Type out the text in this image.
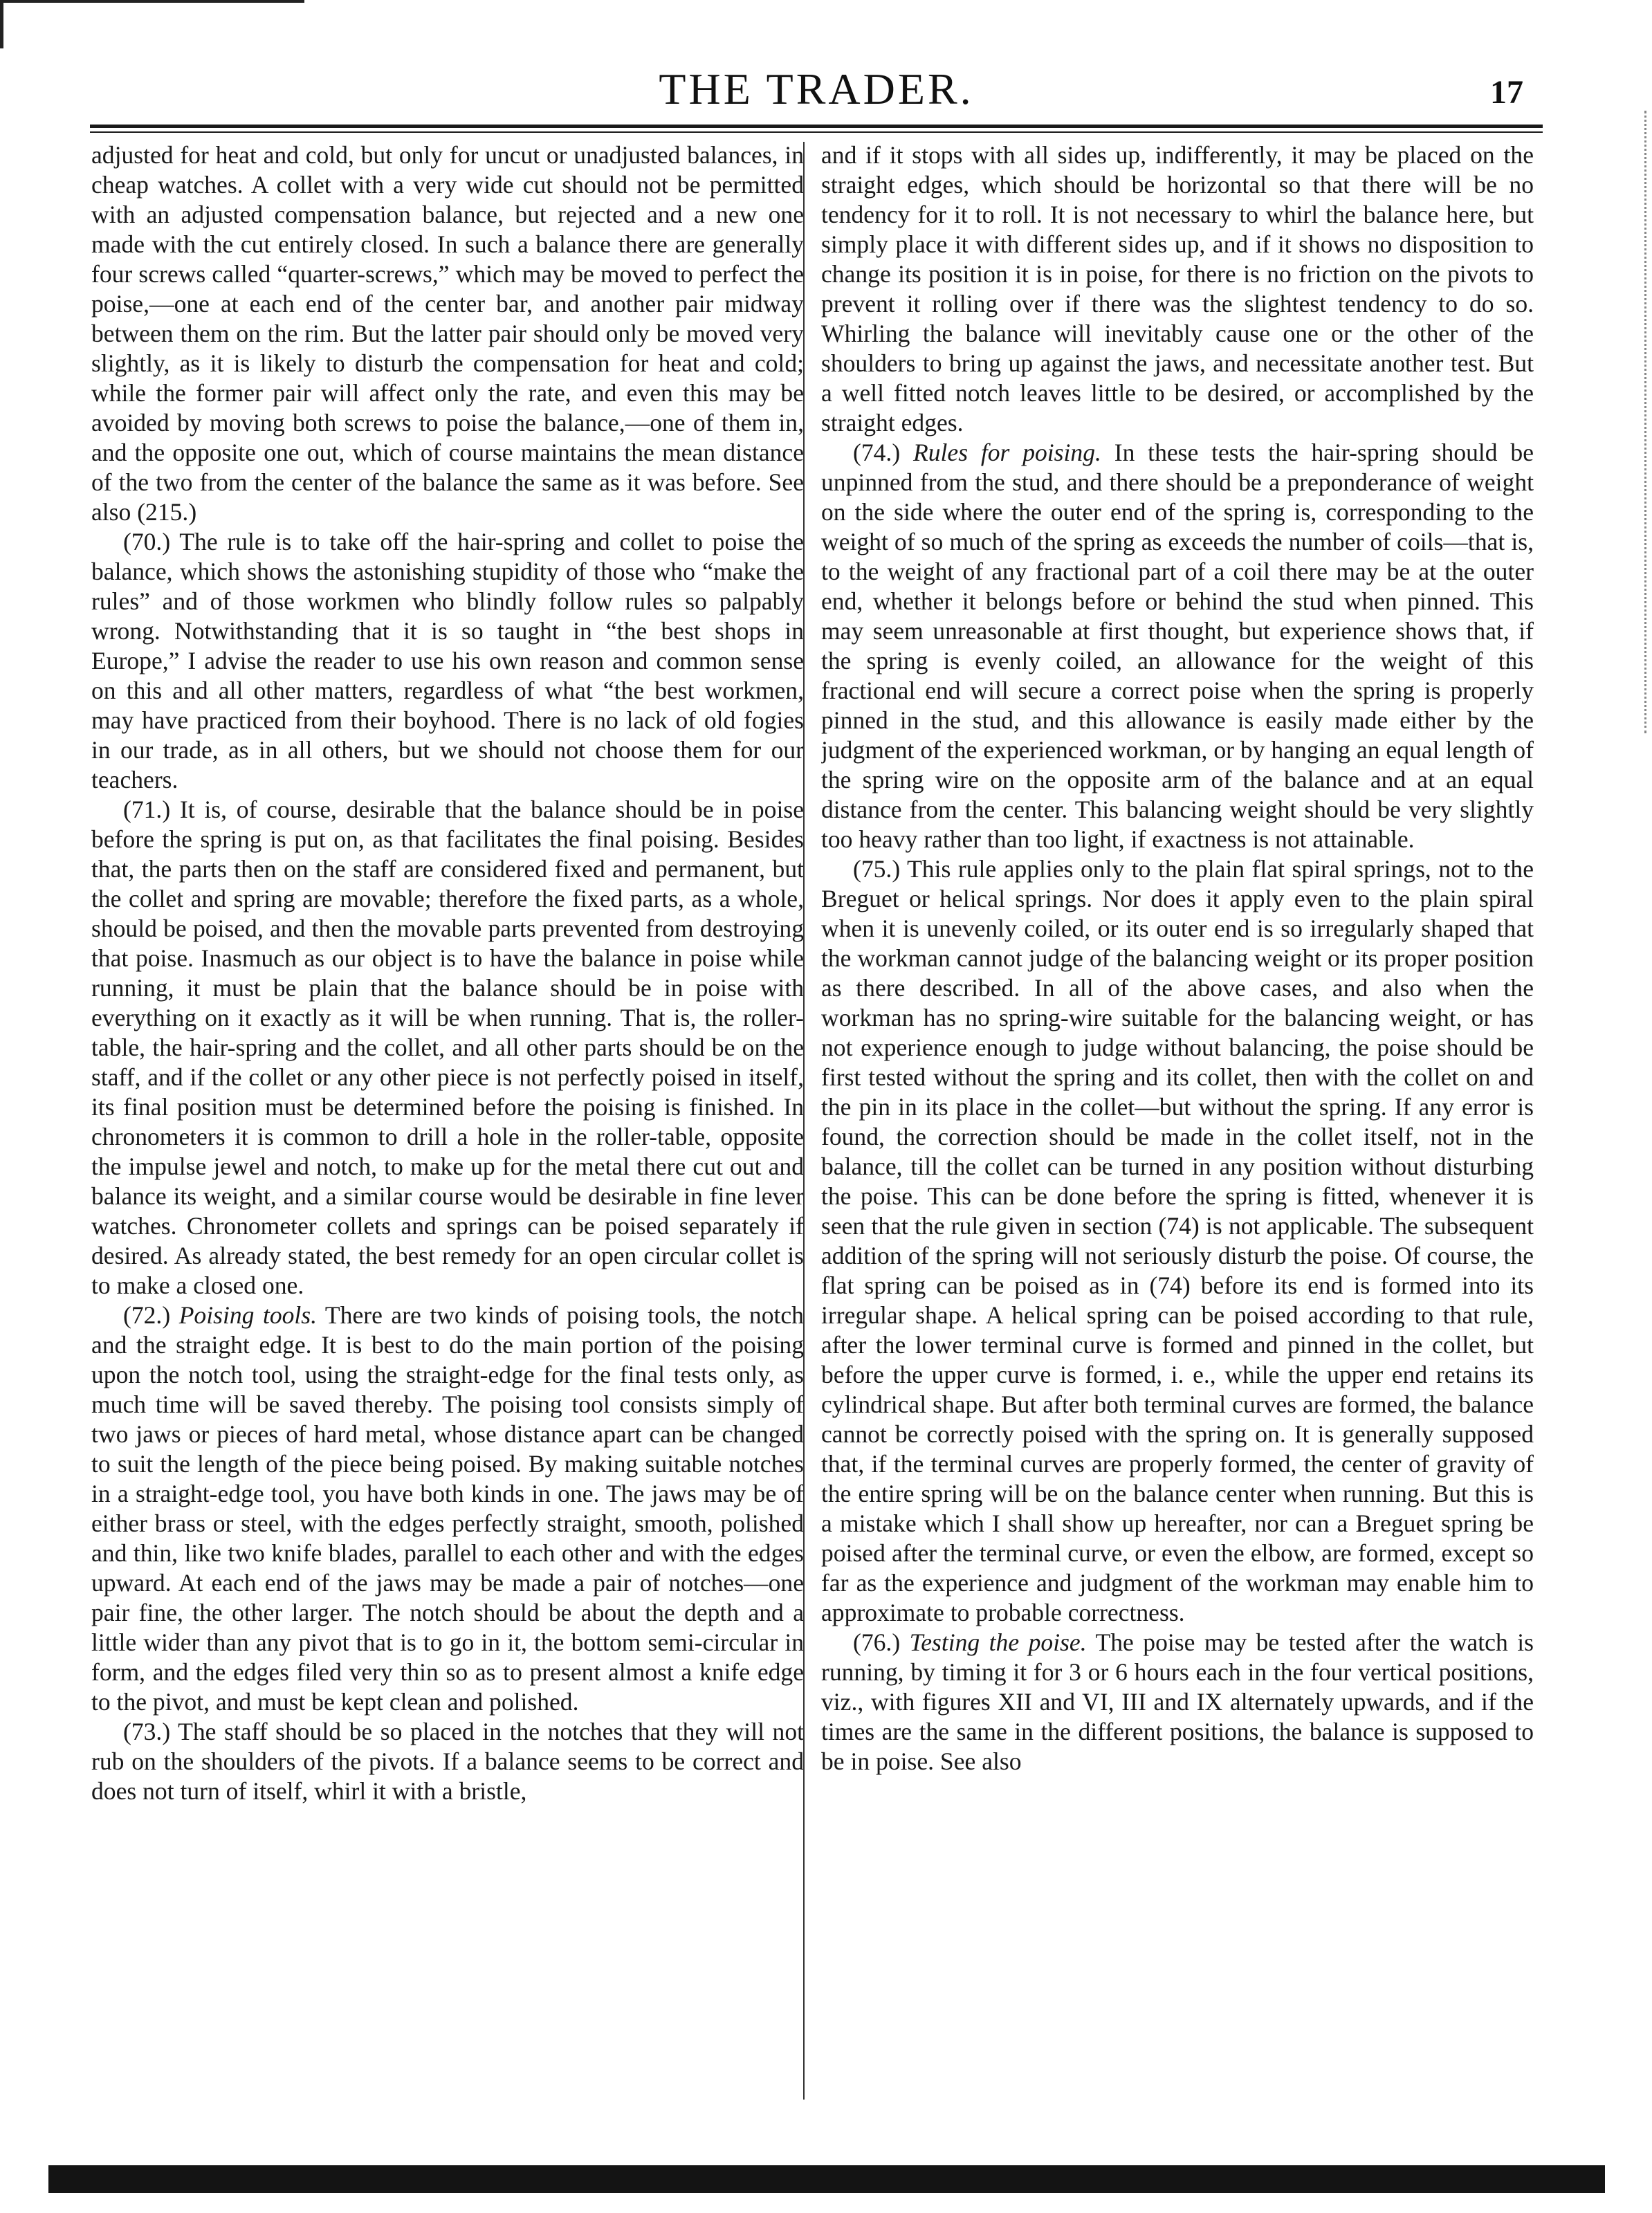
THE TRADER.	17

adjusted for heat and cold, but only for uncut or unadjusted balances, in cheap watches. A collet with a very wide cut should not be permitted with an adjusted compensation balance, but rejected and a new one made with the cut entirely closed. In such a balance there are generally four screws called “quarter-screws,” which may be moved to perfect the poise,—one at each end of the center bar, and another pair midway between them on the rim. But the latter pair should only be moved very slightly, as it is likely to disturb the compensation for heat and cold; while the former pair will affect only the rate, and even this may be avoided by moving both screws to poise the balance,—one of them in, and the opposite one out, which of course maintains the mean distance of the two from the center of the balance the same as it was before. See also (215.)

(70.) The rule is to take off the hair-spring and collet to poise the balance, which shows the astonishing stupidity of those who “make the rules” and of those workmen who blindly follow rules so palpably wrong. Notwithstanding that it is so taught in “the best shops in Europe,” I advise the reader to use his own reason and common sense on this and all other matters, regardless of what “the best workmen, may have practiced from their boyhood. There is no lack of old fogies in our trade, as in all others, but we should not choose them for our teachers.

(71.) It is, of course, desirable that the balance should be in poise before the spring is put on, as that facilitates the final poising. Besides that, the parts then on the staff are considered fixed and permanent, but the collet and spring are movable; therefore the fixed parts, as a whole, should be poised, and then the movable parts prevented from destroying that poise. Inasmuch as our object is to have the balance in poise while running, it must be plain that the balance should be in poise with everything on it exactly as it will be when running. That is, the roller-table, the hair-spring and the collet, and all other parts should be on the staff, and if the collet or any other piece is not perfectly poised in itself, its final position must be determined before the poising is finished. In chronometers it is common to drill a hole in the roller-table, opposite the impulse jewel and notch, to make up for the metal there cut out and balance its weight, and a similar course would be desirable in fine lever watches. Chronometer collets and springs can be poised separately if desired. As already stated, the best remedy for an open circular collet is to make a closed one.

(72.) Poising tools. There are two kinds of poising tools, the notch and the straight edge. It is best to do the main portion of the poising upon the notch tool, using the straight-edge for the final tests only, as much time will be saved thereby. The poising tool consists simply of two jaws or pieces of hard metal, whose distance apart can be changed to suit the length of the piece being poised. By making suitable notches in a straight-edge tool, you have both kinds in one. The jaws may be of either brass or steel, with the edges perfectly straight, smooth, polished and thin, like two knife blades, parallel to each other and with the edges upward. At each end of the jaws may be made a pair of notches—one pair fine, the other larger. The notch should be about the depth and a little wider than any pivot that is to go in it, the bottom semi-circular in form, and the edges filed very thin so as to present almost a knife edge to the pivot, and must be kept clean and polished.

(73.) The staff should be so placed in the notches that they will not rub on the shoulders of the pivots. If a balance seems to be correct and does not turn of itself, whirl it with a bristle,

and if it stops with all sides up, indifferently, it may be placed on the straight edges, which should be horizontal so that there will be no tendency for it to roll. It is not necessary to whirl the balance here, but simply place it with different sides up, and if it shows no disposition to change its position it is in poise, for there is no friction on the pivots to prevent it rolling over if there was the slightest tendency to do so. Whirling the balance will inevitably cause one or the other of the shoulders to bring up against the jaws, and necessitate another test. But a well fitted notch leaves little to be desired, or accomplished by the straight edges.

(74.) Rules for poising. In these tests the hair-spring should be unpinned from the stud, and there should be a preponderance of weight on the side where the outer end of the spring is, corresponding to the weight of so much of the spring as exceeds the number of coils—that is, to the weight of any fractional part of a coil there may be at the outer end, whether it belongs before or behind the stud when pinned. This may seem unreasonable at first thought, but experience shows that, if the spring is evenly coiled, an allowance for the weight of this fractional end will secure a correct poise when the spring is properly pinned in the stud, and this allowance is easily made either by the judgment of the experienced workman, or by hanging an equal length of the spring wire on the opposite arm of the balance and at an equal distance from the center. This balancing weight should be very slightly too heavy rather than too light, if exactness is not attainable.

(75.) This rule applies only to the plain flat spiral springs, not to the Breguet or helical springs. Nor does it apply even to the plain spiral when it is unevenly coiled, or its outer end is so irregularly shaped that the workman cannot judge of the balancing weight or its proper position as there described. In all of the above cases, and also when the workman has no spring-wire suitable for the balancing weight, or has not experience enough to judge without balancing, the poise should be first tested without the spring and its collet, then with the collet on and the pin in its place in the collet—but without the spring. If any error is found, the correction should be made in the collet itself, not in the balance, till the collet can be turned in any position without disturbing the poise. This can be done before the spring is fitted, whenever it is seen that the rule given in section (74) is not applicable. The subsequent addition of the spring will not seriously disturb the poise. Of course, the flat spring can be poised as in (74) before its end is formed into its irregular shape. A helical spring can be poised according to that rule, after the lower terminal curve is formed and pinned in the collet, but before the upper curve is formed, i. e., while the upper end retains its cylindrical shape. But after both terminal curves are formed, the balance cannot be correctly poised with the spring on. It is generally supposed that, if the terminal curves are properly formed, the center of gravity of the entire spring will be on the balance center when running. But this is a mistake which I shall show up hereafter, nor can a Breguet spring be poised after the terminal curve, or even the elbow, are formed, except so far as the experience and judgment of the workman may enable him to approximate to probable correctness.

(76.) Testing the poise. The poise may be tested after the watch is running, by timing it for 3 or 6 hours each in the four vertical positions, viz., with figures XII and VI, III and IX alternately upwards, and if the times are the same in the different positions, the balance is supposed to be in poise. See also
